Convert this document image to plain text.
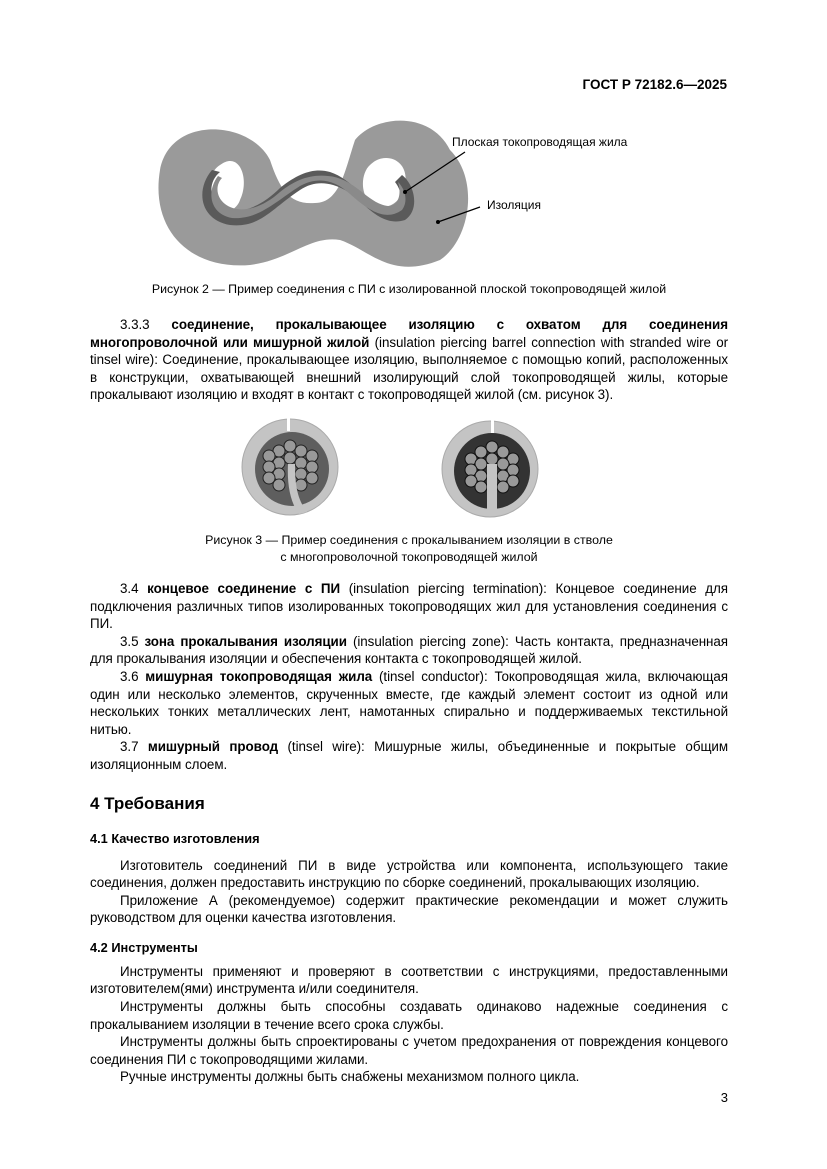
ГОСТ Р 72182.6—2025
Плоская токопроводящая жила
Изоляция
Рисунок 2 — Пример соединения с ПИ с изолированной плоской токопроводящей жилой
3.3.3 соединение, прокалывающее изоляцию с охватом для соединения многопроволочной или мишурной жилой (insulation piercing barrel connection with stranded wire or tinsel wire): Соединение, прокалывающее изоляцию, выполняемое с помощью копий, расположенных в конструкции, охватывающей внешний изолирующий слой токопроводящей жилы, которые прокалывают изоляцию и входят в контакт с токопроводящей жилой (см. рисунок 3).
Рисунок 3 — Пример соединения с прокалыванием изоляции в стволе
с многопроволочной токопроводящей жилой
3.4 концевое соединение с ПИ (insulation piercing termination): Концевое соединение для подключения различных типов изолированных токопроводящих жил для установления соединения с ПИ.
3.5 зона прокалывания изоляции (insulation piercing zone): Часть контакта, предназначенная для прокалывания изоляции и обеспечения контакта с токопроводящей жилой.
3.6 мишурная токопроводящая жила (tinsel conductor): Токопроводящая жила, включающая один или несколько элементов, скрученных вместе, где каждый элемент состоит из одной или нескольких тонких металлических лент, намотанных спирально и поддерживаемых текстильной нитью.
3.7 мишурный провод (tinsel wire): Мишурные жилы, объединенные и покрытые общим изоляционным слоем.
4 Требования
4.1 Качество изготовления
Изготовитель соединений ПИ в виде устройства или компонента, использующего такие соединения, должен предоставить инструкцию по сборке соединений, прокалывающих изоляцию.
Приложение А (рекомендуемое) содержит практические рекомендации и может служить руководством для оценки качества изготовления.
4.2 Инструменты
Инструменты применяют и проверяют в соответствии с инструкциями, предоставленными изготовителем(ями) инструмента и/или соединителя.
Инструменты должны быть способны создавать одинаково надежные соединения с прокалыванием изоляции в течение всего срока службы.
Инструменты должны быть спроектированы с учетом предохранения от повреждения концевого соединения ПИ с токопроводящими жилами.
Ручные инструменты должны быть снабжены механизмом полного цикла.
3
